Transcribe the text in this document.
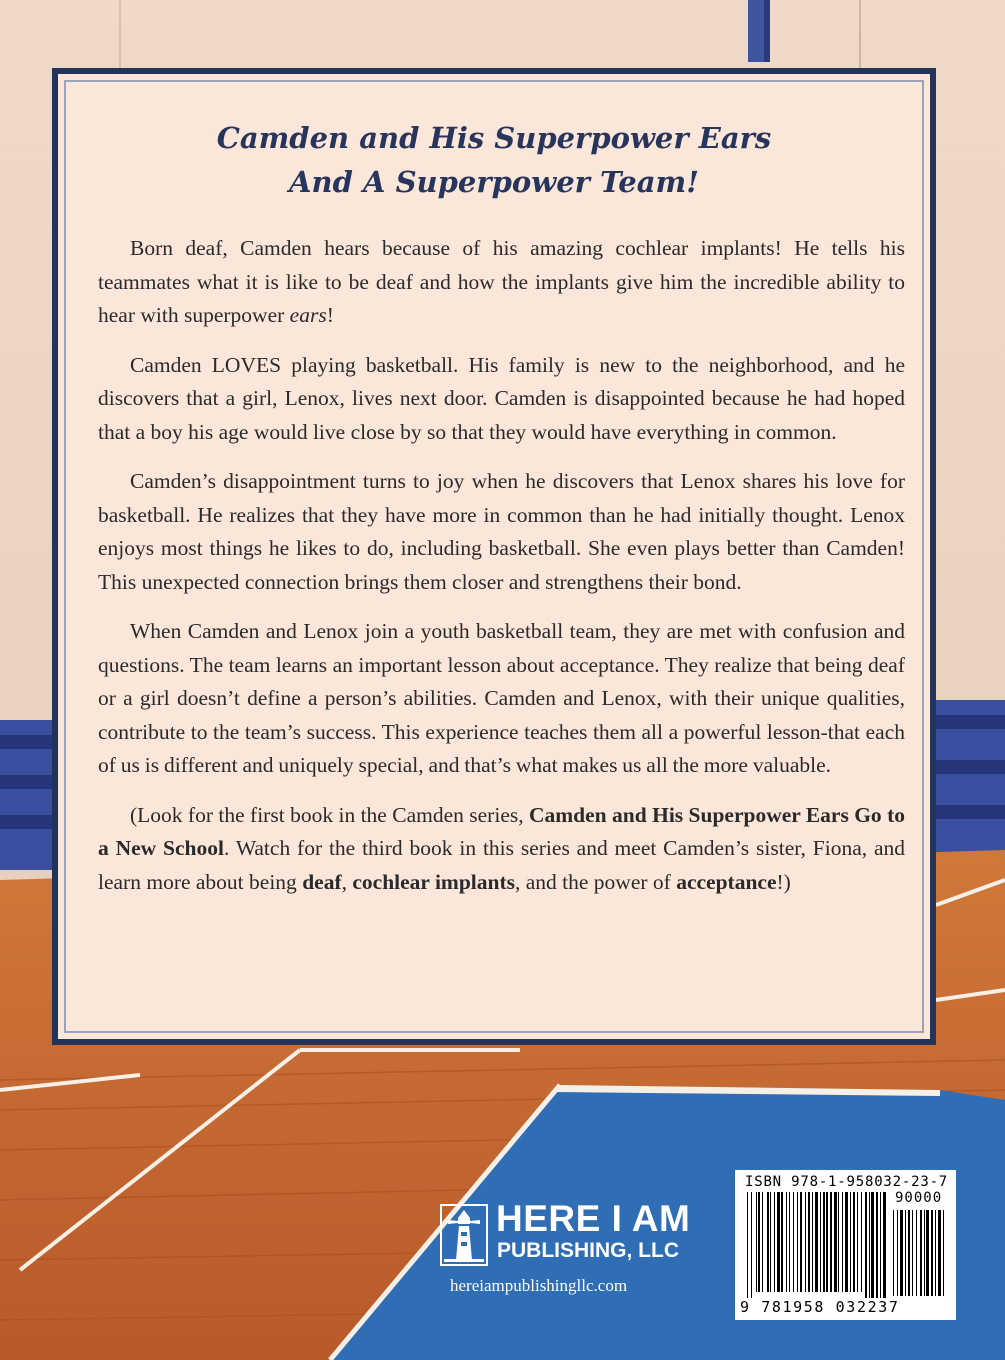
Camden and His Superpower Ears
And A Superpower Team!

Born deaf, Camden hears because of his amazing cochlear implants! He tells his teammates what it is like to be deaf and how the implants give him the incredible ability to hear with superpower ears!

Camden LOVES playing basketball. His family is new to the neighborhood, and he discovers that a girl, Lenox, lives next door. Camden is disappointed because he had hoped that a boy his age would live close by so that they would have everything in common.

Camden’s disappointment turns to joy when he discovers that Lenox shares his love for basketball. He realizes that they have more in common than he had initially thought. Lenox enjoys most things he likes to do, including basketball. She even plays better than Camden! This unexpected connection brings them closer and strengthens their bond.

When Camden and Lenox join a youth basketball team, they are met with confusion and questions. The team learns an important lesson about acceptance. They realize that being deaf or a girl doesn’t define a person’s abilities. Camden and Lenox, with their unique qualities, contribute to the team’s success. This experience teaches them all a powerful lesson-that each of us is different and uniquely special, and that’s what makes us all the more valuable.

(Look for the first book in the Camden series, Camden and His Superpower Ears Go to a New School. Watch for the third book in this series and meet Camden’s sister, Fiona, and learn more about being deaf, cochlear implants, and the power of acceptance!)

HERE I AM
PUBLISHING, LLC
hereiampublishingllc.com
ISBN 978-1-958032-23-7
90000
9 781958 032237
